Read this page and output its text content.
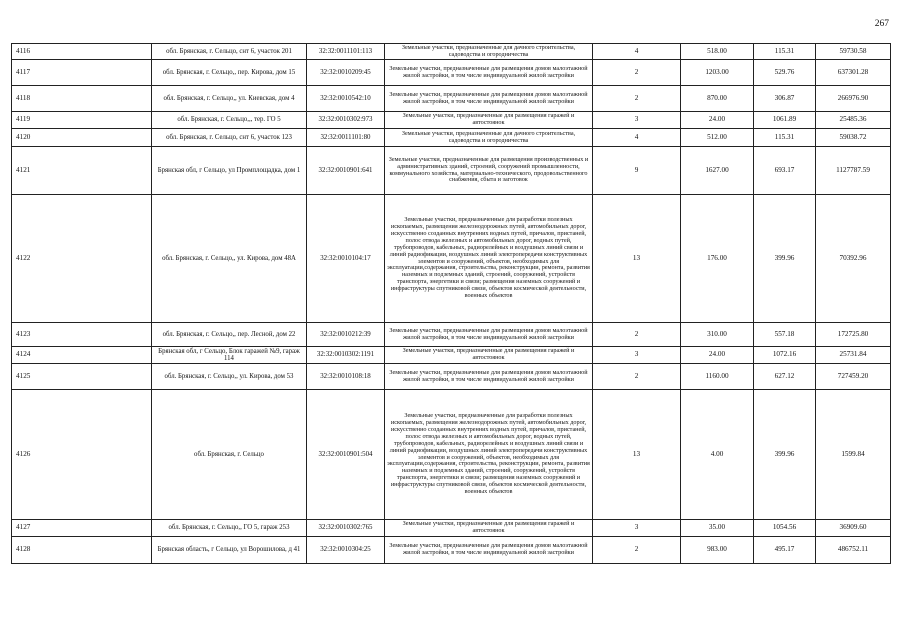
267
4116	обл. Брянская, г. Сельцо, снт 6, участок 201	32:32:0011101:113	Земельные участки, предназначенные для дачного строительства, садоводства и огородничества	4	518.00	115.31	59730.58
4117	обл. Брянская, г. Сельцо,, пер. Кирова, дом 15	32:32:0010209:45	Земельные участки, предназначенные для размещения домов малоэтажной жилой застройки, в том числе индивидуальной жилой застройки	2	1203.00	529.76	637301.28
4118	обл. Брянская, г. Сельцо,, ул. Киевская, дом 4	32:32:0010542:10	Земельные участки, предназначенные для размещения домов малоэтажной жилой застройки, в том числе индивидуальной жилой застройки	2	870.00	306.87	266976.90
4119	обл. Брянская, г. Сельцо,,, тер. ГО 5	32:32:0010302:973	Земельные участки, предназначенные для размещения гаражей и автостоянок	3	24.00	1061.89	25485.36
4120	обл. Брянская, г. Сельцо, снт 6, участок 123	32:32:0011101:80	Земельные участки, предназначенные для дачного строительства, садоводства и огородничества	4	512.00	115.31	59038.72
4121	Брянская обл, г Сельцо, ул Промплощадка, дом 1	32:32:0010901:641	Земельные участки, предназначенные для размещения производственных и административных зданий, строений, сооружений промышленности, коммунального хозяйства, материально-технического, продовольственного снабжения, сбыта и заготовок	9	1627.00	693.17	1127787.59
4122	обл. Брянская, г. Сельцо,, ул. Кирова, дом 48А	32:32:0010104:17	Земельные участки, предназначенные для разработки полезных ископаемых, размещения железнодорожных путей, автомобильных дорог, искусственно созданных внутренних водных путей, причалов, пристаней, полос отвода железных и автомобильных дорог, водных путей, трубопроводов, кабельных, радиорелейных и воздушных линий связи и линий радиофикации, воздушных линий электропередачи конструктивных элементов и сооружений, объектов, необходимых для эксплуатации,содержания, строительства, реконструкции, ремонта, развития наземных и подземных зданий, строений, сооружений, устройств транспорта, энергетики и связи; размещения наземных сооружений и инфраструктуры спутниковой связи, объектов космической деятельности, военных объектов	13	176.00	399.96	70392.96
4123	обл. Брянская, г. Сельцо,, пер. Лесной, дом 22	32:32:0010212:39	Земельные участки, предназначенные для размещения домов малоэтажной жилой застройки, в том числе индивидуальной жилой застройки	2	310.00	557.18	172725.80
4124	Брянская обл, г Сельцо, Блок гаражей №9, гараж 114	32:32:0010302:1191	Земельные участки, предназначенные для размещения гаражей и автостоянок	3	24.00	1072.16	25731.84
4125	обл. Брянская, г. Сельцо,, ул. Кирова, дом 53	32:32:0010108:18	Земельные участки, предназначенные для размещения домов малоэтажной жилой застройки, в том числе индивидуальной жилой застройки	2	1160.00	627.12	727459.20
4126	обл. Брянская, г. Сельцо	32:32:0010901:504	Земельные участки, предназначенные для разработки полезных ископаемых, размещения железнодорожных путей, автомобильных дорог, искусственно созданных внутренних водных путей, причалов, пристаней, полос отвода железных и автомобильных дорог, водных путей, трубопроводов, кабельных, радиорелейных и воздушных линий связи и линий радиофикации, воздушных линий электропередачи конструктивных элементов и сооружений, объектов, необходимых для эксплуатации,содержания, строительства, реконструкции, ремонта, развития наземных и подземных зданий, строений, сооружений, устройств транспорта, энергетики и связи; размещения наземных сооружений и инфраструктуры спутниковой связи, объектов космической деятельности, военных объектов	13	4.00	399.96	1599.84
4127	обл. Брянская, г. Сельцо,, ГО 5, гараж 253	32:32:0010302:765	Земельные участки, предназначенные для размещения гаражей и автостоянок	3	35.00	1054.56	36909.60
4128	Брянская область, г Сельцо, ул Ворошилова, д 41	32:32:0010304:25	Земельные участки, предназначенные для размещения домов малоэтажной жилой застройки, в том числе индивидуальной жилой застройки	2	983.00	495.17	486752.11
